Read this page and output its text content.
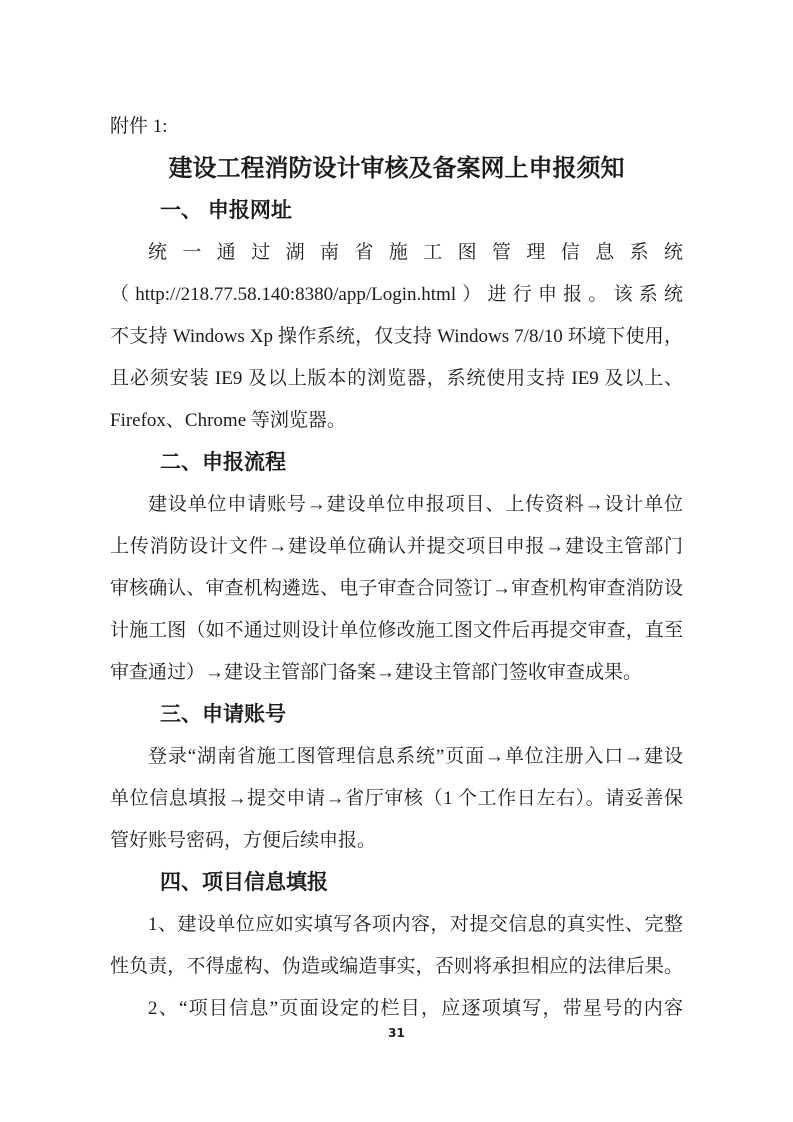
附件 1:
建设工程消防设计审核及备案网上申报须知
一、 申报网址
统一通过湖南省施工图管理信息系统
（http://218.77.58.140:8380/app/Login.html）进行申报。该系统
不支持 Windows Xp 操作系统，仅支持 Windows 7/8/10 环境下使用，
且必须安装 IE9 及以上版本的浏览器，系统使用支持 IE9 及以上、
Firefox、Chrome 等浏览器。
二、申报流程
建设单位申请账号→建设单位申报项目、上传资料→设计单位
上传消防设计文件→建设单位确认并提交项目申报→建设主管部门
审核确认、审查机构遴选、电子审查合同签订→审查机构审查消防设
计施工图（如不通过则设计单位修改施工图文件后再提交审查，直至
审查通过）→建设主管部门备案→建设主管部门签收审查成果。
三、申请账号
登录“湖南省施工图管理信息系统”页面→单位注册入口→建设
单位信息填报→提交申请→省厅审核（1 个工作日左右）。请妥善保
管好账号密码，方便后续申报。
四、项目信息填报
1、建设单位应如实填写各项内容，对提交信息的真实性、完整
性负责，不得虚构、伪造或编造事实，否则将承担相应的法律后果。
2、“项目信息”页面设定的栏目，应逐项填写，带星号的内容
31
